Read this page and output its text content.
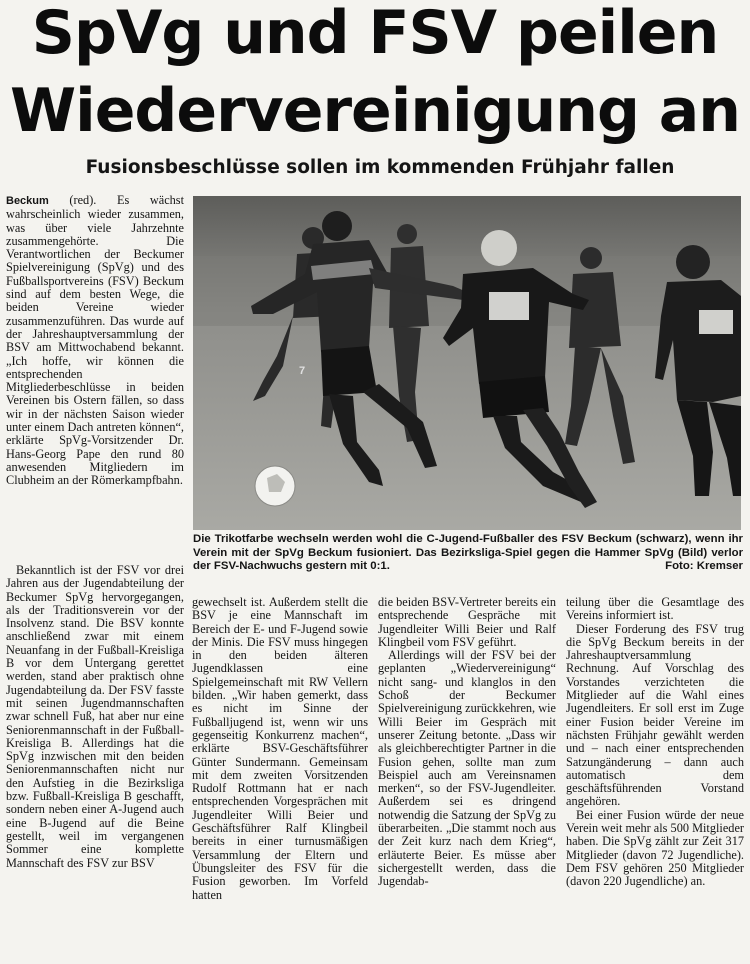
SpVg und FSV peilen
Wiedervereinigung an
Fusionsbeschlüsse sollen im kommenden Frühjahr fallen

Beckum (red). Es wächst wahrscheinlich wieder zusammen, was über viele Jahrzehnte zusammengehörte. Die Verantwortlichen der Beckumer Spielvereinigung (SpVg) und des Fußballsportvereins (FSV) Beckum sind auf dem besten Wege, die beiden Vereine wieder zusammenzuführen. Das wurde auf der Jahreshauptversammlung der BSV am Mittwochabend bekannt. „Ich hoffe, wir können die entsprechenden Mitgliederbeschlüsse in beiden Vereinen bis Ostern fällen, so dass wir in der nächsten Saison wieder unter einem Dach antreten können“, erklärte SpVg-Vorsitzender Dr. Hans-Georg Pape den rund 80 anwesenden Mitgliedern im Clubheim an der Römerkampfbahn.

Bekanntlich ist der FSV vor drei Jahren aus der Jugendabteilung der Beckumer SpVg hervorgegangen, als der Traditionsverein vor der Insolvenz stand. Die BSV konnte anschließend zwar mit einem Neuanfang in der Fußball-Kreisliga B vor dem Untergang gerettet werden, stand aber praktisch ohne Jugendabteilung da. Der FSV fasste mit seinen Jugendmannschaften zwar schnell Fuß, hat aber nur eine Seniorenmannschaft in der Fußball-Kreisliga B. Allerdings hat die SpVg inzwischen mit den beiden Seniorenmannschaften nicht nur den Aufstieg in die Bezirksliga bzw. Fußball-Kreisliga B geschafft, sondern neben einer A-Jugend auch eine B-Jugend auf die Beine gestellt, weil im vergangenen Sommer eine komplette Mannschaft des FSV zur BSV

7
Die Trikotfarbe wechseln werden wohl die C-Jugend-Fußballer des FSV Beckum (schwarz), wenn ihr Verein mit der SpVg Beckum fusioniert. Das Bezirksliga-Spiel gegen die Hammer SpVg (Bild) verlor der FSV-Nachwuchs gestern mit 0:1.	Foto: Kremser

gewechselt ist. Außerdem stellt die BSV je eine Mannschaft im Bereich der E- und F-Jugend sowie der Minis. Die FSV muss hingegen in den beiden älteren Jugendklassen eine Spielgemeinschaft mit RW Vellern bilden. „Wir haben gemerkt, dass es nicht im Sinne der Fußballjugend ist, wenn wir uns gegenseitig Konkurrenz machen“, erklärte BSV-Geschäftsführer Günter Sundermann. Gemeinsam mit dem zweiten Vorsitzenden Rudolf Rottmann hat er nach entsprechenden Vorgesprächen mit Jugendleiter Willi Beier und Geschäftsführer Ralf Klingbeil bereits in einer turnusmäßigen Versammlung der Eltern und Übungsleiter des FSV für die Fusion geworben. Im Vorfeld hatten

die beiden BSV-Vertreter bereits ein entsprechende Gespräche mit Jugendleiter Willi Beier und Ralf Klingbeil vom FSV geführt.

Allerdings will der FSV bei der geplanten „Wiedervereinigung“ nicht sang- und klanglos in den Schoß der Beckumer Spielvereinigung zurückkehren, wie Willi Beier im Gespräch mit unserer Zeitung betonte. „Dass wir als gleichberechtigter Partner in die Fusion gehen, sollte man zum Beispiel auch am Vereinsnamen merken“, so der FSV-Jugendleiter. Außerdem sei es dringend notwendig die Satzung der SpVg zu überarbeiten. „Die stammt noch aus der Zeit kurz nach dem Krieg“, erläuterte Beier. Es müsse aber sichergestellt werden, dass die Jugendab-

teilung über die Gesamtlage des Vereins informiert ist.

Dieser Forderung des FSV trug die SpVg Beckum bereits in der Jahreshauptversammlung Rechnung. Auf Vorschlag des Vorstandes verzichteten die Mitglieder auf die Wahl eines Jugendleiters. Er soll erst im Zuge einer Fusion beider Vereine im nächsten Frühjahr gewählt werden und – nach einer entsprechenden Satzungänderung – dann auch automatisch dem geschäftsführenden Vorstand angehören.

Bei einer Fusion würde der neue Verein weit mehr als 500 Mitglieder haben. Die SpVg zählt zur Zeit 317 Mitglieder (davon 72 Jugendliche). Dem FSV gehören 250 Mitglieder (davon 220 Jugendliche) an.
